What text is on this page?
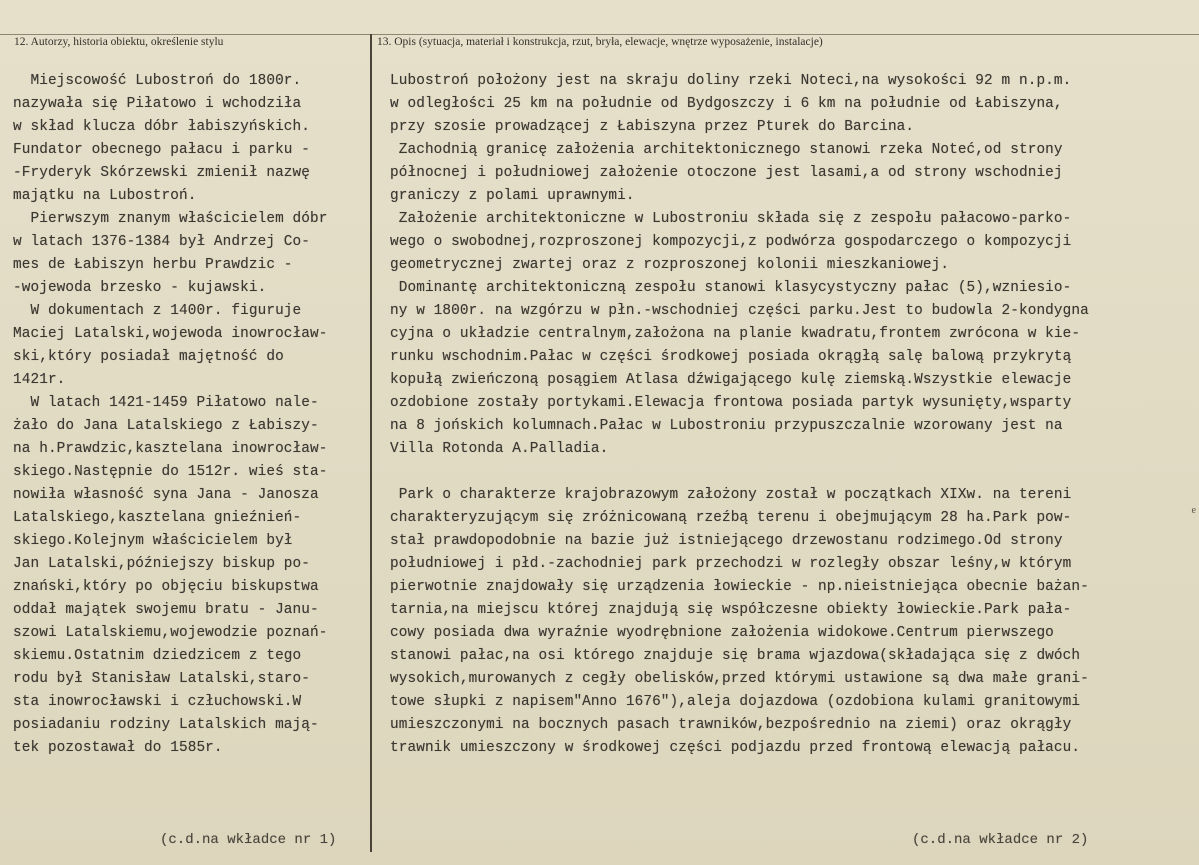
12. Autorzy, historia obiektu, określenie stylu	13. Opis (sytuacja, materiał i konstrukcja, rzut, bryła, elewacje, wnętrze wyposażenie, instalacje)
Miejscowość Lubostroń do 1800r.
nazywała się Piłatowo i wchodziła
w skład klucza dóbr łabiszyńskich.
Fundator obecnego pałacu i parku -
-Fryderyk Skórzewski zmienił nazwę
majątku na Lubostroń.
Pierwszym znanym właścicielem dóbr
w latach 1376-1384 był Andrzej Co-
mes de Łabiszyn herbu Prawdzic -
-wojewoda brzesko - kujawski.
W dokumentach z 1400r. figuruje
Maciej Latalski,wojewoda inowrocław-
ski,który posiadał majętność do
1421r.
W latach 1421-1459 Piłatowo nale-
żało do Jana Latalskiego z Łabiszy-
na h.Prawdzic,kasztelana inowrocław-
skiego.Następnie do 1512r. wieś sta-
nowiła własność syna Jana - Janosza
Latalskiego,kasztelana gnieźnień-
skiego.Kolejnym właścicielem był
Jan Latalski,późniejszy biskup po-
znański,który po objęciu biskupstwa
oddał majątek swojemu bratu - Janu-
szowi Latalskiemu,wojewodzie poznań-
skiemu.Ostatnim dziedzicem z tego
rodu był Stanisław Latalski,staro-
sta inowrocławski i człuchowski.W
posiadaniu rodziny Latalskich mają-
tek pozostawał do 1585r.
Lubostroń położony jest na skraju doliny rzeki Noteci,na wysokości 92 m n.p.m.
w odległości 25 km na południe od Bydgoszczy i 6 km na południe od Łabiszyna,
przy szosie prowadzącej z Łabiszyna przez Pturek do Barcina.
Zachodnią granicę założenia architektonicznego stanowi rzeka Noteć,od strony
północnej i południowej założenie otoczone jest lasami,a od strony wschodniej
graniczy z polami uprawnymi.
Założenie architektoniczne w Lubostroniu składa się z zespołu pałacowo-parko-
wego o swobodnej,rozproszonej kompozycji,z podwórza gospodarczego o kompozycji
geometrycznej zwartej oraz z rozproszonej kolonii mieszkaniowej.
Dominantę architektoniczną zespołu stanowi klasycystyczny pałac (5),wzniesio-
ny w 1800r. na wzgórzu w płn.-wschodniej części parku.Jest to budowla 2-kondygna
cyjna o układzie centralnym,założona na planie kwadratu,frontem zwrócona w kie-
runku wschodnim.Pałac w części środkowej posiada okrągłą salę balową przykrytą
kopułą zwieńczoną posągiem Atlasa dźwigającego kulę ziemską.Wszystkie elewacje
ozdobione zostały portykami.Elewacja frontowa posiada partyk wysunięty,wsparty
na 8 jońskich kolumnach.Pałac w Lubostroniu przypuszczalnie wzorowany jest na
Villa Rotonda A.Palladia.

Park o charakterze krajobrazowym założony został w początkach XIXw. na tereni
charakteryzującym się zróżnicowaną rzeźbą terenu i obejmującym 28 ha.Park pow-
stał prawdopodobnie na bazie już istniejącego drzewostanu rodzimego.Od strony
południowej i płd.-zachodniej park przechodzi w rozległy obszar leśny,w którym
pierwotnie znajdowały się urządzenia łowieckie - np.nieistniejąca obecnie bażan-
tarnia,na miejscu której znajdują się współczesne obiekty łowieckie.Park pała-
cowy posiada dwa wyraźnie wyodrębnione założenia widokowe.Centrum pierwszego
stanowi pałac,na osi którego znajduje się brama wjazdowa(składająca się z dwóch
wysokich,murowanych z cegły obelisków,przed którymi ustawione są dwa małe grani-
towe słupki z napisem"Anno 1676"),aleja dojazdowa (ozdobiona kulami granitowymi
umieszczonymi na bocznych pasach trawników,bezpośrednio na ziemi) oraz okrągły
trawnik umieszczony w środkowej części podjazdu przed frontową elewacją pałacu.
(c.d.na wkładce nr 1)	(c.d.na wkładce nr 2)
e
